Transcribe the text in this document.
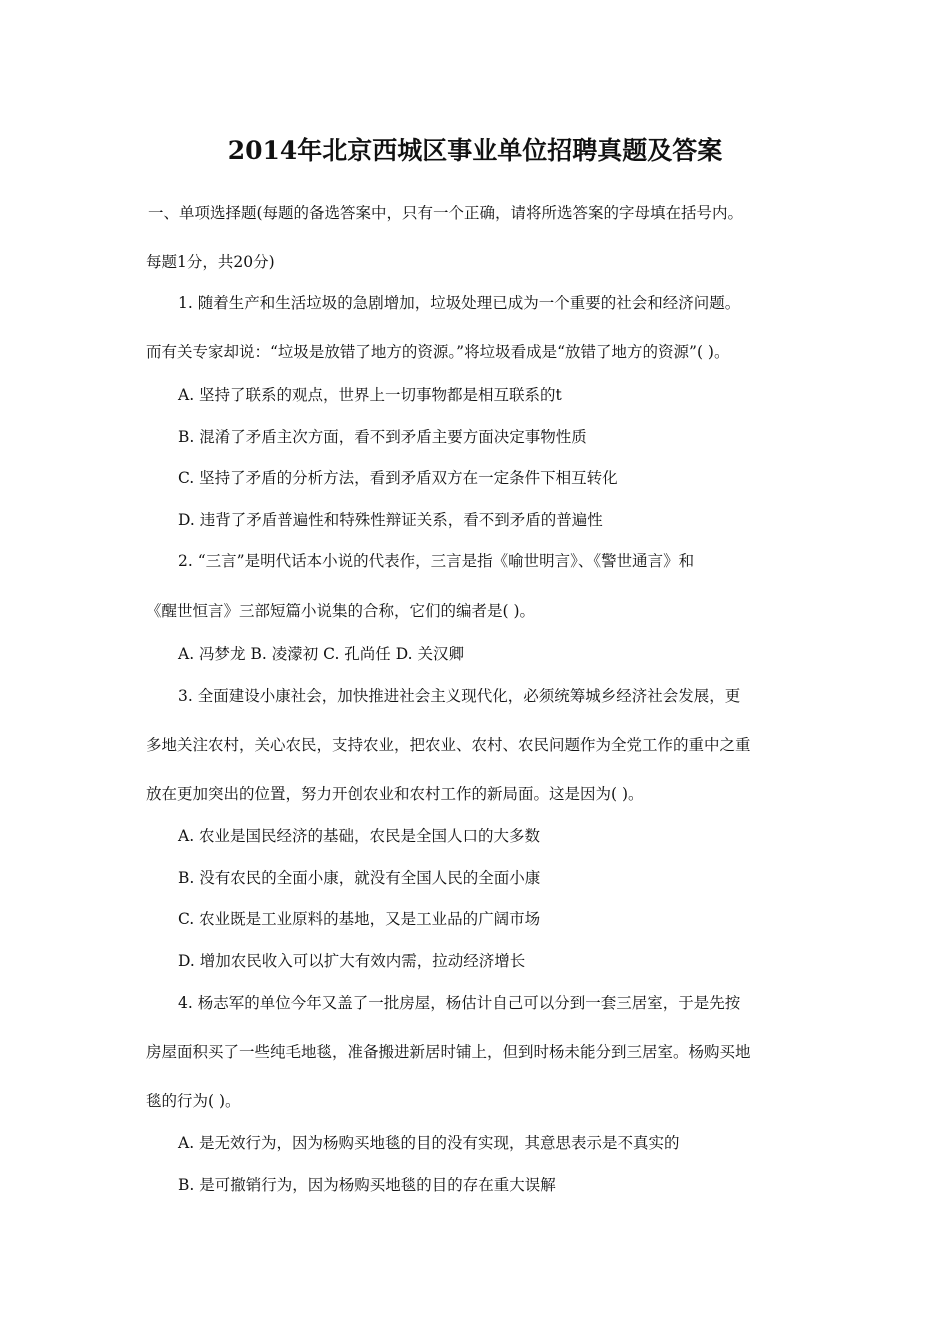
2014年北京西城区事业单位招聘真题及答案
一、单项选择题(每题的备选答案中，只有一个正确，请将所选答案的字母填在括号内。
每题1分，共20分)
1. 随着生产和生活垃圾的急剧增加，垃圾处理已成为一个重要的社会和经济问题。
而有关专家却说：“垃圾是放错了地方的资源。”将垃圾看成是“放错了地方的资源”( )。
A. 坚持了联系的观点，世界上一切事物都是相互联系的t
B. 混淆了矛盾主次方面，看不到矛盾主要方面决定事物性质
C. 坚持了矛盾的分析方法，看到矛盾双方在一定条件下相互转化
D. 违背了矛盾普遍性和特殊性辩证关系，看不到矛盾的普遍性
2. “三言”是明代话本小说的代表作，三言是指《喻世明言》、《警世通言》和
《醒世恒言》三部短篇小说集的合称，它们的编者是( )。
A. 冯梦龙 B. 凌濛初 C. 孔尚任 D. 关汉卿
3. 全面建设小康社会，加快推进社会主义现代化，必须统筹城乡经济社会发展，更
多地关注农村，关心农民，支持农业，把农业、农村、农民问题作为全党工作的重中之重
放在更加突出的位置，努力开创农业和农村工作的新局面。这是因为( )。
A. 农业是国民经济的基础，农民是全国人口的大多数
B. 没有农民的全面小康，就没有全国人民的全面小康
C. 农业既是工业原料的基地，又是工业品的广阔市场
D. 增加农民收入可以扩大有效内需，拉动经济增长
4. 杨志军的单位今年又盖了一批房屋，杨估计自己可以分到一套三居室，于是先按
房屋面积买了一些纯毛地毯，准备搬进新居时铺上，但到时杨未能分到三居室。杨购买地
毯的行为( )。
A. 是无效行为，因为杨购买地毯的目的没有实现，其意思表示是不真实的
B. 是可撤销行为，因为杨购买地毯的目的存在重大误解
